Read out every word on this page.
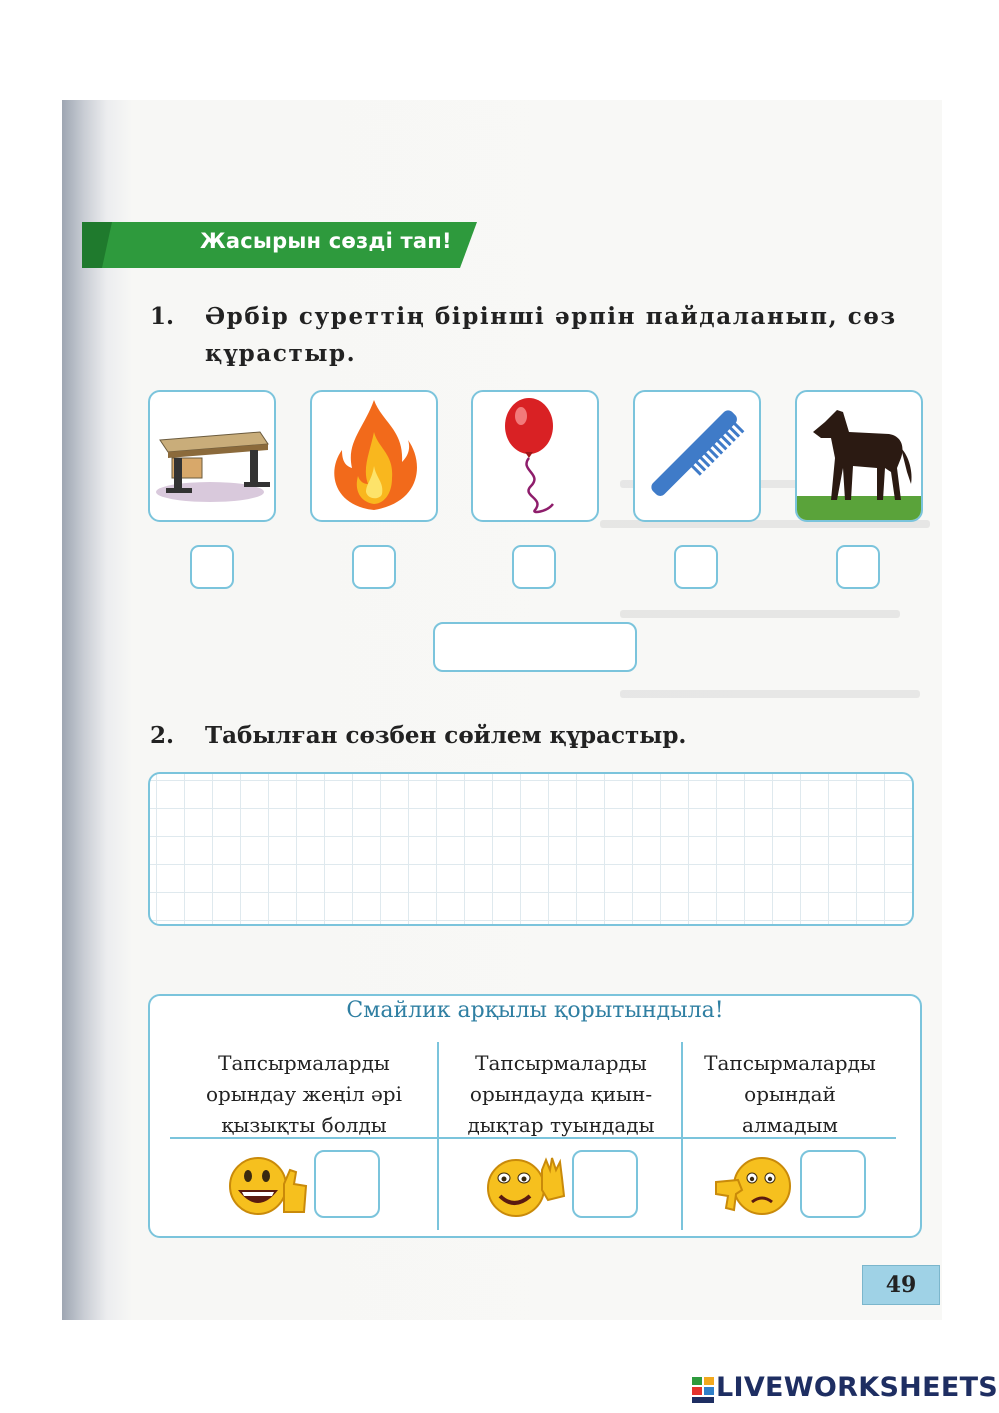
Жасырын сөзді тап!
1. Әрбір суреттің бірінші әрпін пайдаланып, сөз
құрастыр.
2. Табылған сөзбен сөйлем құрастыр.
Смайлик арқылы қорытындыла!
Тапсырмаларды
орындау жеңіл әрі
қызықты болды
Тапсырмаларды
орындауда қиын-
дықтар туындады
Тапсырмаларды
орындай
алмадым
49
LIVEWORKSHEETS
